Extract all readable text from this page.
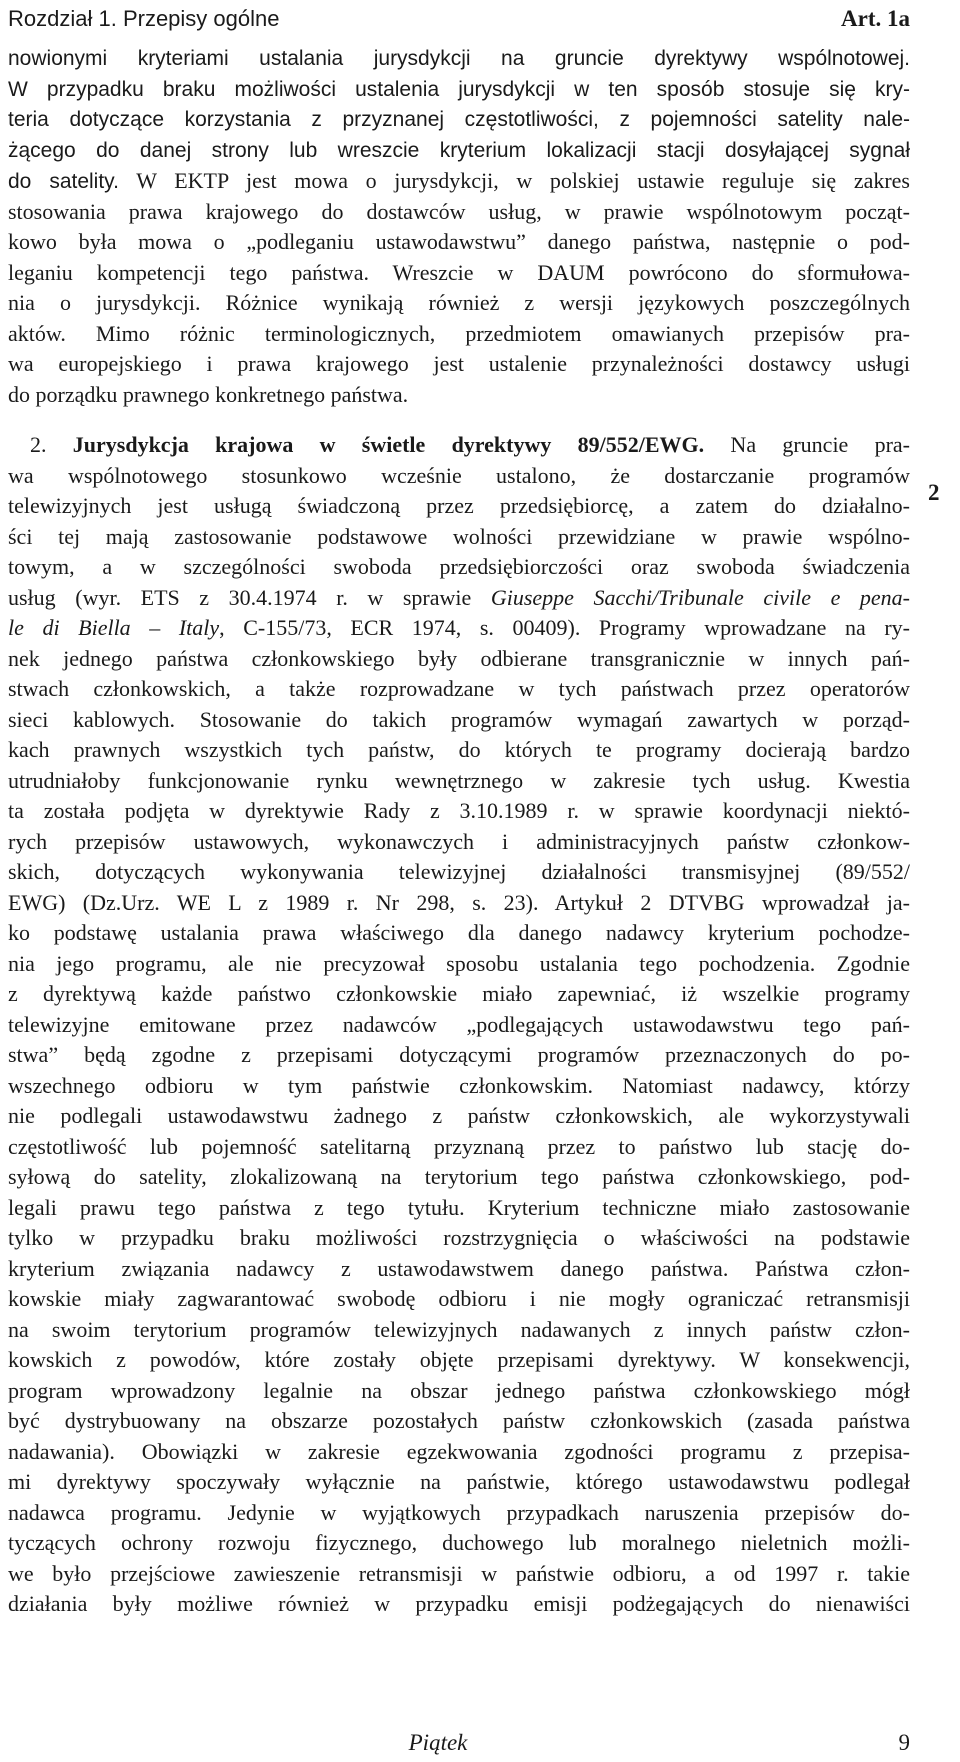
Rozdział 1. Przepisy ogólne	Art. 1a
2
nowionymi kryteriami ustalania jurysdykcji na gruncie dyrektywy wspólnotowej.
W przypadku braku możliwości ustalenia jurysdykcji w ten sposób stosuje się kry-
teria dotyczące korzystania z przyznanej częstotliwości, z pojemności satelity nale-
żącego do danej strony lub wreszcie kryterium lokalizacji stacji dosyłającej sygnał
do satelity. W EKTP jest mowa o jurysdykcji, w polskiej ustawie reguluje się zakres
stosowania prawa krajowego do dostawców usług, w prawie wspólnotowym począt-
kowo była mowa o „podleganiu ustawodawstwu” danego państwa, następnie o pod-
leganiu kompetencji tego państwa. Wreszcie w DAUM powrócono do sformułowa-
nia o jurysdykcji. Różnice wynikają również z wersji językowych poszczególnych
aktów. Mimo różnic terminologicznych, przedmiotem omawianych przepisów pra-
wa europejskiego i prawa krajowego jest ustalenie przynależności dostawcy usługi
do porządku prawnego konkretnego państwa.
2. Jurysdykcja krajowa w świetle dyrektywy 89/552/EWG. Na gruncie pra-
wa wspólnotowego stosunkowo wcześnie ustalono, że dostarczanie programów
telewizyjnych jest usługą świadczoną przez przedsiębiorcę, a zatem do działalno-
ści tej mają zastosowanie podstawowe wolności przewidziane w prawie wspólno-
towym, a w szczególności swoboda przedsiębiorczości oraz swoboda świadczenia
usług (wyr. ETS z 30.4.1974 r. w sprawie Giuseppe Sacchi/Tribunale civile e pena-
le di Biella – Italy, C-155/73, ECR 1974, s. 00409). Programy wprowadzane na ry-
nek jednego państwa członkowskiego były odbierane transgranicznie w innych pań-
stwach członkowskich, a także rozprowadzane w tych państwach przez operatorów
sieci kablowych. Stosowanie do takich programów wymagań zawartych w porząd-
kach prawnych wszystkich tych państw, do których te programy docierają bardzo
utrudniałoby funkcjonowanie rynku wewnętrznego w zakresie tych usług. Kwestia
ta została podjęta w dyrektywie Rady z 3.10.1989 r. w sprawie koordynacji niektó-
rych przepisów ustawowych, wykonawczych i administracyjnych państw członkow-
skich, dotyczących wykonywania telewizyjnej działalności transmisyjnej (89/552/
EWG) (Dz.Urz. WE L z 1989 r. Nr 298, s. 23). Artykuł 2 DTVBG wprowadzał ja-
ko podstawę ustalania prawa właściwego dla danego nadawcy kryterium pochodze-
nia jego programu, ale nie precyzował sposobu ustalania tego pochodzenia. Zgodnie
z dyrektywą każde państwo członkowskie miało zapewniać, iż wszelkie programy
telewizyjne emitowane przez nadawców „podlegających ustawodawstwu tego pań-
stwa” będą zgodne z przepisami dotyczącymi programów przeznaczonych do po-
wszechnego odbioru w tym państwie członkowskim. Natomiast nadawcy, którzy
nie podlegali ustawodawstwu żadnego z państw członkowskich, ale wykorzystywali
częstotliwość lub pojemność satelitarną przyznaną przez to państwo lub stację do-
syłową do satelity, zlokalizowaną na terytorium tego państwa członkowskiego, pod-
legali prawu tego państwa z tego tytułu. Kryterium techniczne miało zastosowanie
tylko w przypadku braku możliwości rozstrzygnięcia o właściwości na podstawie
kryterium związania nadawcy z ustawodawstwem danego państwa. Państwa człon-
kowskie miały zagwarantować swobodę odbioru i nie mogły ograniczać retransmisji
na swoim terytorium programów telewizyjnych nadawanych z innych państw człon-
kowskich z powodów, które zostały objęte przepisami dyrektywy. W konsekwencji,
program wprowadzony legalnie na obszar jednego państwa członkowskiego mógł
być dystrybuowany na obszarze pozostałych państw członkowskich (zasada państwa
nadawania). Obowiązki w zakresie egzekwowania zgodności programu z przepisa-
mi dyrektywy spoczywały wyłącznie na państwie, którego ustawodawstwu podlegał
nadawca programu. Jedynie w wyjątkowych przypadkach naruszenia przepisów do-
tyczących ochrony rozwoju fizycznego, duchowego lub moralnego nieletnich możli-
we było przejściowe zawieszenie retransmisji w państwie odbioru, a od 1997 r. takie
działania były możliwe również w przypadku emisji podżegających do nienawiści
Piątek	9
